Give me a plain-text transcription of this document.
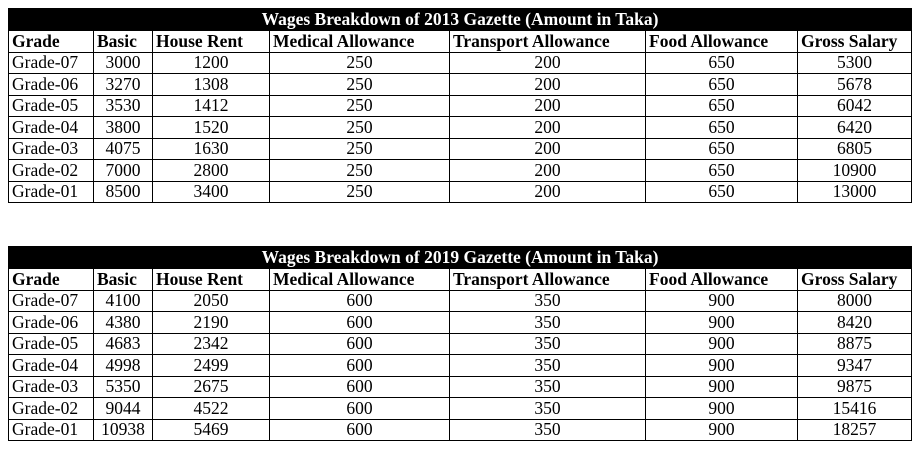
Wages Breakdown of 2013 Gazette (Amount in Taka)
Grade	Basic	House Rent	Medical Allowance	Transport Allowance	Food Allowance	Gross Salary
Grade-07	3000	1200	250	200	650	5300
Grade-06	3270	1308	250	200	650	5678
Grade-05	3530	1412	250	200	650	6042
Grade-04	3800	1520	250	200	650	6420
Grade-03	4075	1630	250	200	650	6805
Grade-02	7000	2800	250	200	650	10900
Grade-01	8500	3400	250	200	650	13000
Wages Breakdown of 2019 Gazette (Amount in Taka)
Grade	Basic	House Rent	Medical Allowance	Transport Allowance	Food Allowance	Gross Salary
Grade-07	4100	2050	600	350	900	8000
Grade-06	4380	2190	600	350	900	8420
Grade-05	4683	2342	600	350	900	8875
Grade-04	4998	2499	600	350	900	9347
Grade-03	5350	2675	600	350	900	9875
Grade-02	9044	4522	600	350	900	15416
Grade-01	10938	5469	600	350	900	18257
